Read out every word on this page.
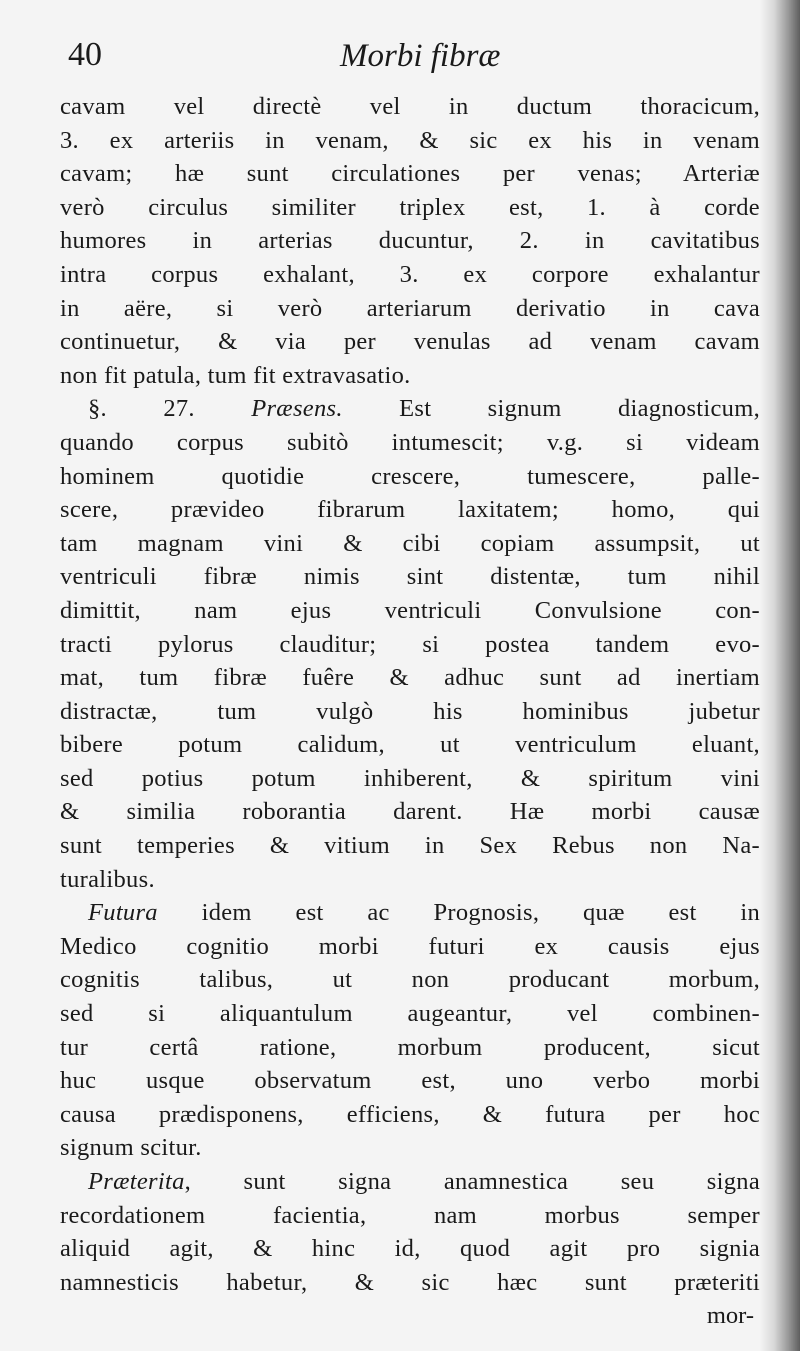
40	Morbi fibræ
cavam vel directè vel in ductum thoracicum,
3. ex arteriis in venam, & sic ex his in venam
cavam; hæ sunt circulationes per venas; Arteriæ
verò circulus similiter triplex est, 1. à corde
humores in arterias ducuntur, 2. in cavitatibus
intra corpus exhalant, 3. ex corpore exhalantur
in aëre, si verò arteriarum derivatio in cava
continuetur, & via per venulas ad venam cavam
non fit patula, tum fit extravasatio.
§. 27. Præsens. Est signum diagnosticum,
quando corpus subitò intumescit; v.g. si videam
hominem quotidie crescere, tumescere, palle-
scere, prævideo fibrarum laxitatem; homo, qui
tam magnam vini & cibi copiam assumpsit, ut
ventriculi fibræ nimis sint distentæ, tum nihil
dimittit, nam ejus ventriculi Convulsione con-
tracti pylorus clauditur; si postea tandem evo-
mat, tum fibræ fuêre & adhuc sunt ad inertiam
distractæ, tum vulgò his hominibus jubetur
bibere potum calidum, ut ventriculum eluant,
sed potius potum inhiberent, & spiritum vini
& similia roborantia darent. Hæ morbi causæ
sunt temperies & vitium in Sex Rebus non Na-
turalibus.
Futura idem est ac Prognosis, quæ est in
Medico cognitio morbi futuri ex causis ejus
cognitis talibus, ut non producant morbum,
sed si aliquantulum augeantur, vel combinen-
tur certâ ratione, morbum producent, sicut
huc usque observatum est, uno verbo morbi
causa prædisponens, efficiens, & futura per hoc
signum scitur.
Præterita, sunt signa anamnestica seu signa
recordationem facientia, nam morbus semper
aliquid agit, & hinc id, quod agit pro signia
namnesticis habetur, & sic hæc sunt præteriti
mor-
